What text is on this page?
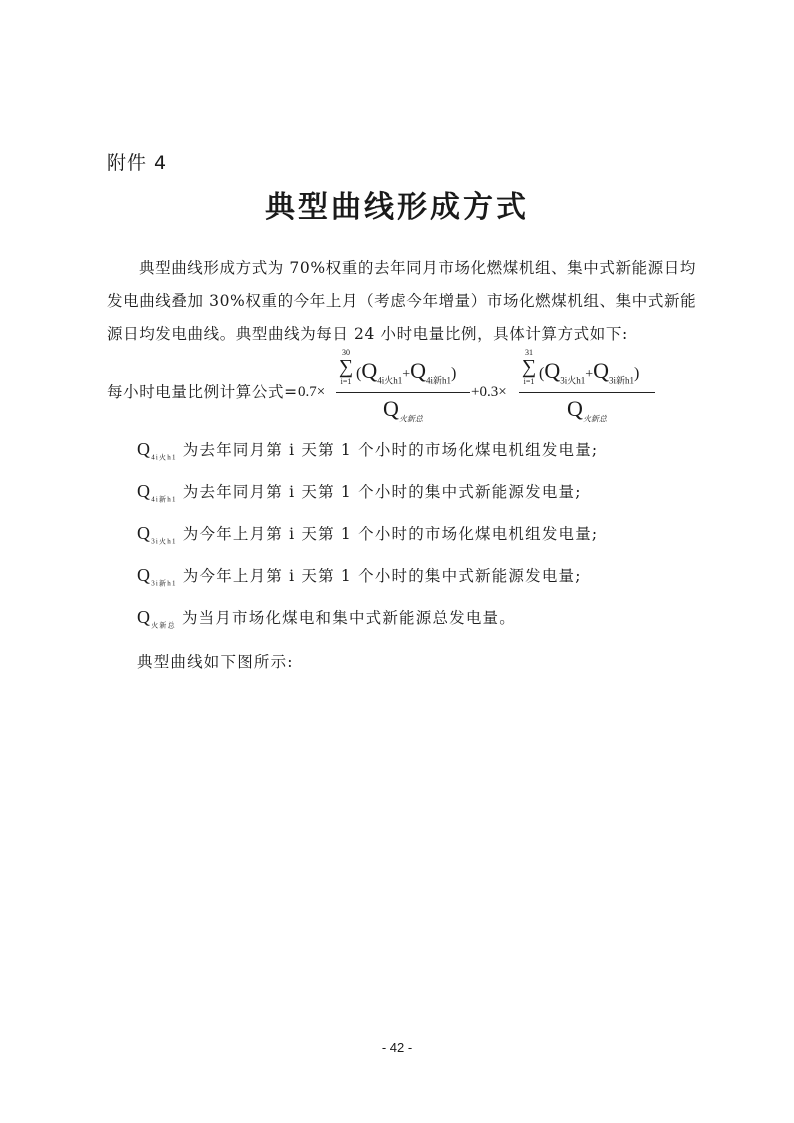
附件 4
典型曲线形成方式
典型曲线形成方式为 70%权重的去年同月市场化燃煤机组、集中式新能源日均发电曲线叠加 30%权重的今年上月（考虑今年增量）市场化燃煤机组、集中式新能源日均发电曲线。典型曲线为每日 24 小时电量比例，具体计算方式如下:
每小时电量比例计算公式= 0.7×
30
∑
i=1 $(Q_{4i火h1}+Q_{4i新h1})$
$Q_{火新总}$
+0.3×
31
∑
i=1 $(Q_{3i火h1}+Q_{3i新h1})$
$Q_{火新总}$
$Q_{4i火h1}$ 为去年同月第 i 天第 1 个小时的市场化煤电机组发电量;
$Q_{4i新h1}$ 为去年同月第 i 天第 1 个小时的集中式新能源发电量;
$Q_{3i火h1}$ 为今年上月第 i 天第 1 个小时的市场化煤电机组发电量;
$Q_{3i新h1}$ 为今年上月第 i 天第 1 个小时的集中式新能源发电量;
$Q_{火新总}$ 为当月市场化煤电和集中式新能源总发电量。
典型曲线如下图所示:
- 42 -
